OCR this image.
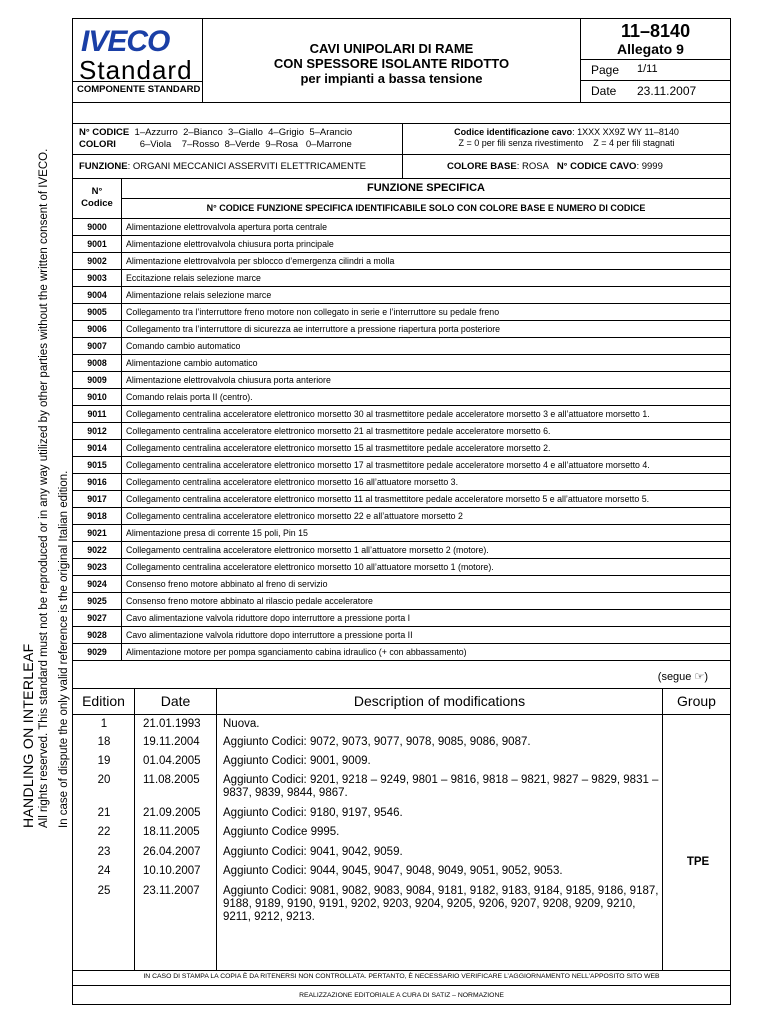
HANDLING ON INTERLEAF All rights reserved. This standard must not be reproduced or in any way utilized by other parties without the written consent of IVECO. In case of dispute the only valid reference is the original Italian edition.
IVECO
Standard
COMPONENTE STANDARD
CAVI UNIPOLARI DI RAME
CON SPESSORE ISOLANTE RIDOTTO
per impianti a bassa tensione
11–8140
Allegato 9
Page 1/11
Date 23.11.2007
N° CODICE 1–Azzurro  2–Bianco  3–Giallo  4–Grigio  5–Arancio
COLORI	6–Viola    7–Rosso  8–Verde  9–Rosa   0–Marrone
Codice identificazione cavo: 1XXX XX9Z WY 11–8140
Z = 0 per fili senza rivestimento    Z = 4 per fili stagnati
FUNZIONE: ORGANI MECCANICI ASSERVITI ELETTRICAMENTE	COLORE BASE: ROSA N° CODICE CAVO: 9999
N°
Codice
FUNZIONE SPECIFICA
N° CODICE FUNZIONE SPECIFICA IDENTIFICABILE SOLO CON COLORE BASE E NUMERO DI CODICE
9000	Alimentazione elettrovalvola apertura porta centrale
9001	Alimentazione elettrovalvola chiusura porta principale
9002	Alimentazione elettrovalvola per sblocco d’emergenza cilindri a molla
9003	Eccitazione relais selezione marce
9004	Alimentazione relais selezione marce
9005	Collegamento tra l’interruttore freno motore non collegato in serie e l’interruttore su pedale freno
9006	Collegamento tra l’interruttore di sicurezza ae interruttore a pressione riapertura porta posteriore
9007	Comando cambio automatico
9008	Alimentazione cambio automatico
9009	Alimentazione elettrovalvola chiusura porta anteriore
9010	Comando relais porta II (centro).
9011	Collegamento centralina acceleratore elettronico morsetto 30 al trasmettitore pedale acceleratore morsetto 3 e all’attuatore morsetto 1.
9012	Collegamento centralina acceleratore elettronico morsetto 21 al trasmettitore pedale acceleratore morsetto 6.
9014	Collegamento centralina acceleratore elettronico morsetto 15 al trasmettitore pedale acceleratore morsetto 2.
9015	Collegamento centralina acceleratore elettronico morsetto 17 al trasmettitore pedale acceleratore morsetto 4 e all’attuatore morsetto 4.
9016	Collegamento centralina acceleratore elettronico morsetto 16 all’attuatore morsetto 3.
9017	Collegamento centralina acceleratore elettronico morsetto 11 al trasmettitore pedale acceleratore morsetto 5 e all’attuatore morsetto 5.
9018	Collegamento centralina acceleratore elettronico morsetto 22 e all’attuatore morsetto 2
9021	Alimentazione presa di corrente 15 poli, Pin 15
9022	Collegamento centralina acceleratore elettronico morsetto 1 all’attuatore morsetto 2 (motore).
9023	Collegamento centralina acceleratore elettronico morsetto 10 all’attuatore morsetto 1 (motore).
9024	Consenso freno motore abbinato al freno di servizio
9025	Consenso freno motore abbinato al rilascio pedale acceleratore
9027	Cavo alimentazione valvola riduttore dopo interruttore a pressione porta I
9028	Cavo alimentazione valvola riduttore dopo interruttore a pressione porta II
9029	Alimentazione motore per pompa sganciamento cabina idraulico (+ con abbassamento)
(segue ☞)
Edition	Date	Description of modifications	Group
TPE
1	21.01.1993	Nuova.
18	19.11.2004	Aggiunto Codici: 9072, 9073, 9077, 9078, 9085, 9086, 9087.
19	01.04.2005	Aggiunto Codici: 9001, 9009.
20	11.08.2005	Aggiunto Codici: 9201, 9218 – 9249, 9801 – 9816, 9818 – 9821, 9827 – 9829, 9831 – 9837, 9839, 9844, 9867.
21	21.09.2005	Aggiunto Codici: 9180, 9197, 9546.
22	18.11.2005	Aggiunto Codice 9995.
23	26.04.2007	Aggiunto Codici: 9041, 9042, 9059.
24	10.10.2007	Aggiunto Codici: 9044, 9045, 9047, 9048, 9049, 9051, 9052, 9053.
25	23.11.2007	Aggiunto Codici: 9081, 9082, 9083, 9084, 9181, 9182, 9183, 9184, 9185, 9186, 9187, 9188, 9189, 9190, 9191, 9202, 9203, 9204, 9205, 9206, 9207, 9208, 9209, 9210, 9211, 9212, 9213.
IN CASO DI STAMPA LA COPIA È DA RITENERSI NON CONTROLLATA. PERTANTO, È NECESSARIO VERIFICARE L’AGGIORNAMENTO NELL’APPOSITO SITO WEB
REALIZZAZIONE EDITORIALE A CURA DI SATIZ – NORMAZIONE
